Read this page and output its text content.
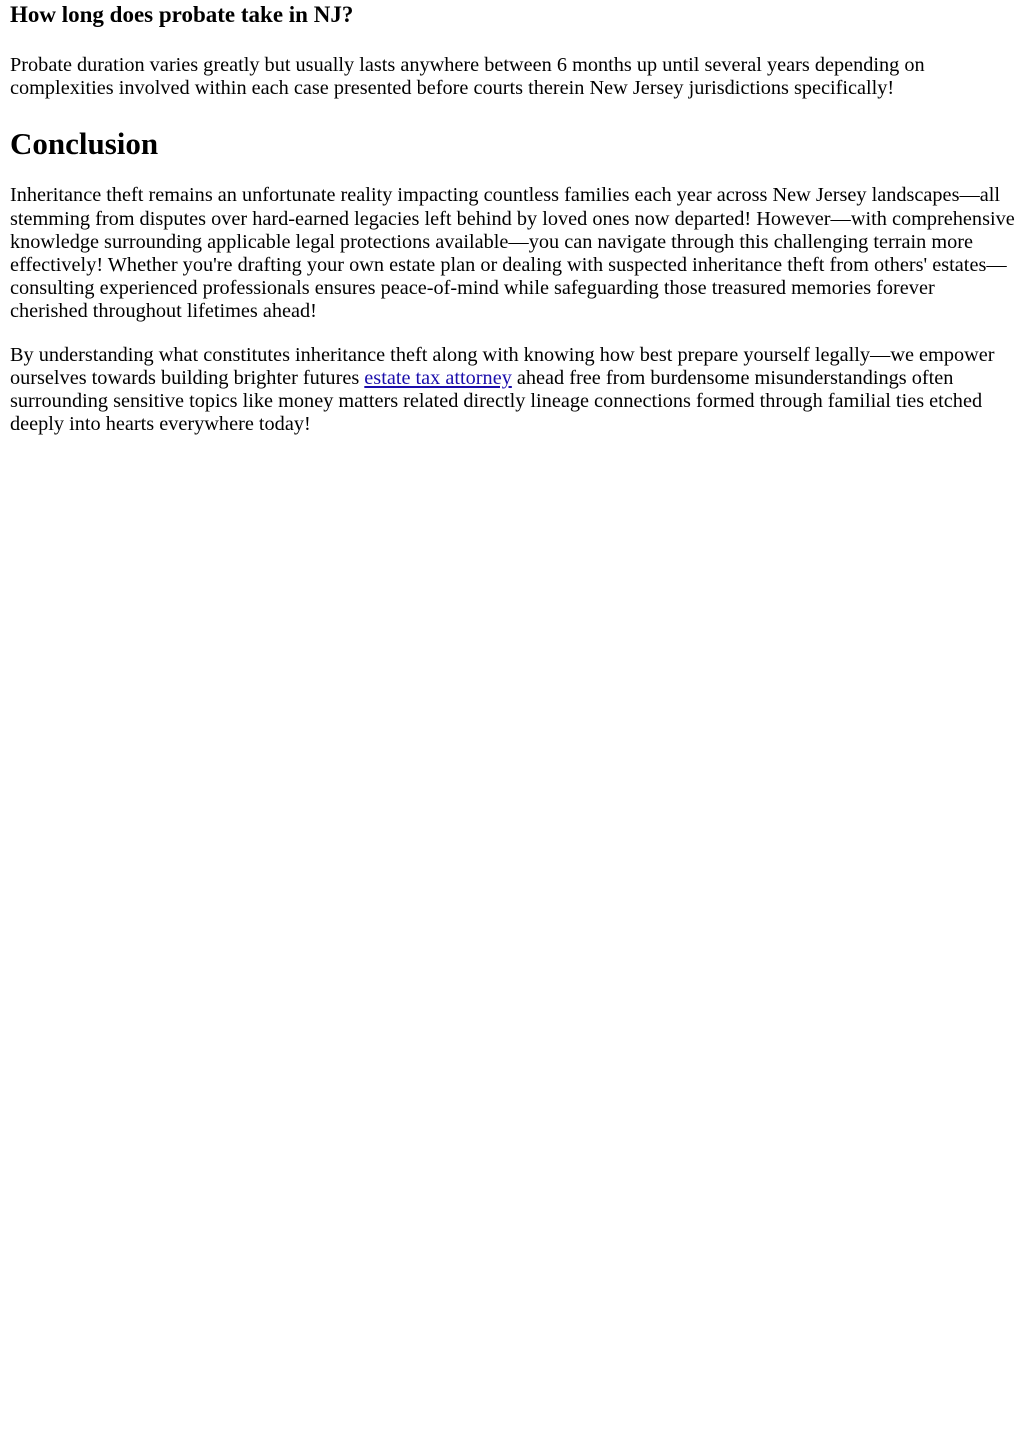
How long does probate take in NJ?

Probate duration varies greatly but usually lasts anywhere between 6 months up until several years depending on complexities involved within each case presented before courts therein New Jersey jurisdictions specifically!

Conclusion

Inheritance theft remains an unfortunate reality impacting countless families each year across New Jersey landscapes—all stemming from disputes over hard-earned legacies left behind by loved ones now departed! However—with comprehensive knowledge surrounding applicable legal protections available—you can navigate through this challenging terrain more effectively! Whether you're drafting your own estate plan or dealing with suspected inheritance theft from others' estates—consulting experienced professionals ensures peace-of-mind while safeguarding those treasured memories forever cherished throughout lifetimes ahead!

By understanding what constitutes inheritance theft along with knowing how best prepare yourself legally—we empower ourselves towards building brighter futures estate tax attorney ahead free from burdensome misunderstandings often surrounding sensitive topics like money matters related directly lineage connections formed through familial ties etched deeply into hearts everywhere today!
